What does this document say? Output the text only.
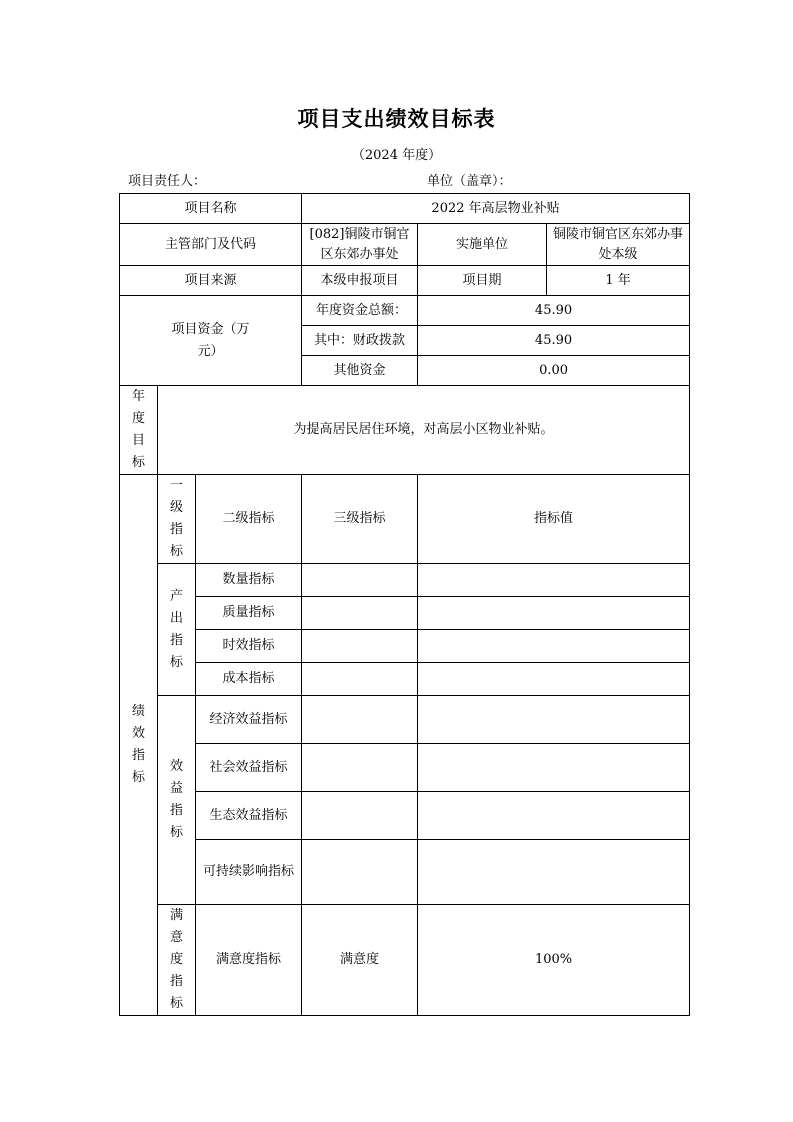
项目支出绩效目标表
（2024 年度）
项目责任人：	单位（盖章）：
项目名称			2022 年高层物业补贴		
主管部门及代码			[082]铜陵市铜官区东郊办事处	实施单位	铜陵市铜官区东郊办事处本级
项目来源			本级申报项目	项目期	1 年

项目资金（万元）			年度资金总额：	45.90	
			其中：财政拨款	45.90	
			其他资金	0.00	

年度目标	为提高居民居住环境，对高层小区物业补贴。				

绩效指标	一级指标	二级指标	三级指标	指标值	

	产出指标	数量指标			
		质量指标			
		时效指标			
		成本指标			

	效益指标	经济效益指标			
		社会效益指标			
		生态效益指标			
		可持续影响指标			

	满意度指标	满意度指标	满意度	100%	
